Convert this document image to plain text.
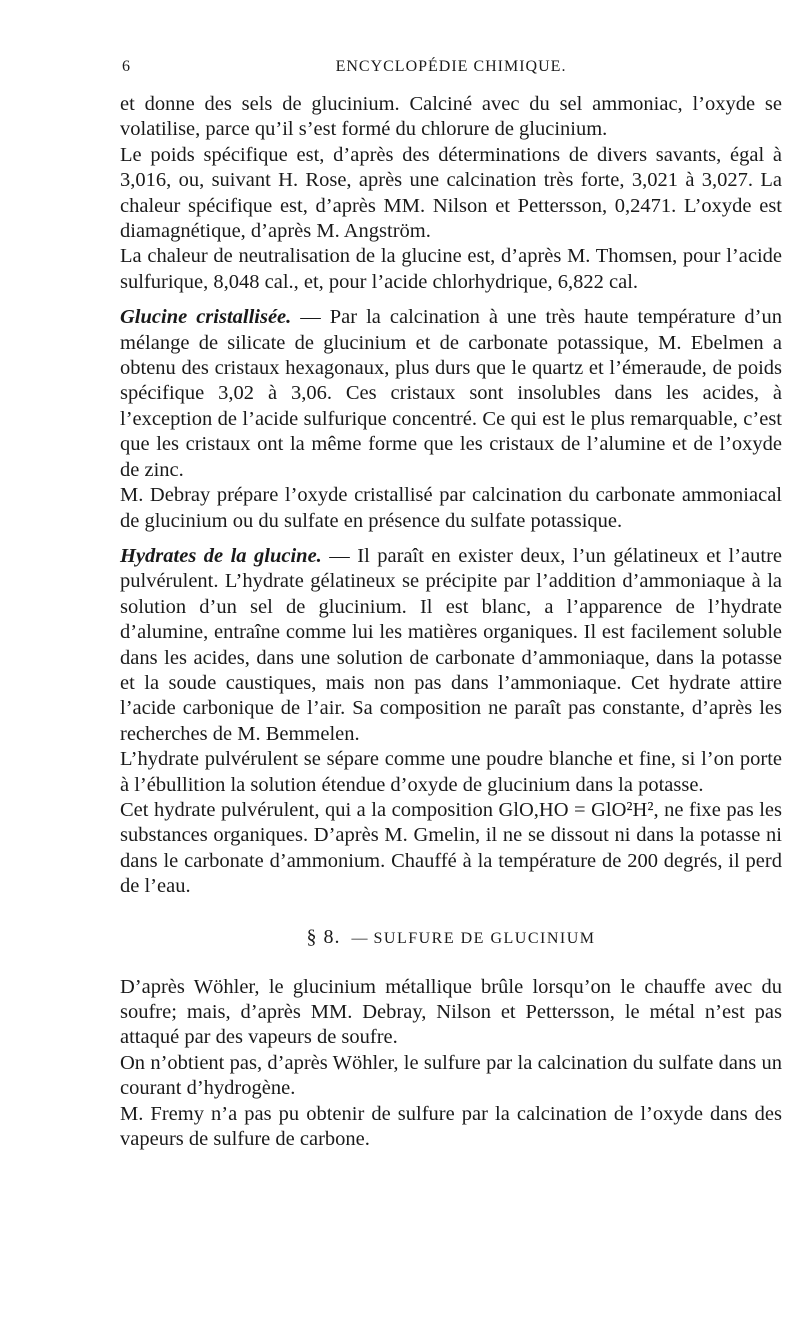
6	ENCYCLOPÉDIE CHIMIQUE.

et donne des sels de glucinium. Calciné avec du sel ammoniac, l’oxyde se volatilise, parce qu’il s’est formé du chlorure de glucinium.

Le poids spécifique est, d’après des déterminations de divers savants, égal à 3,016, ou, suivant H. Rose, après une calcination très forte, 3,021 à 3,027. La chaleur spécifique est, d’après MM. Nilson et Pettersson, 0,2471. L’oxyde est diamagnétique, d’après M. Angström.

La chaleur de neutralisation de la glucine est, d’après M. Thomsen, pour l’acide sulfurique, 8,048 cal., et, pour l’acide chlorhydrique, 6,822 cal.

Glucine cristallisée. — Par la calcination à une très haute température d’un mélange de silicate de glucinium et de carbonate potassique, M. Ebelmen a obtenu des cristaux hexagonaux, plus durs que le quartz et l’émeraude, de poids spécifique 3,02 à 3,06. Ces cristaux sont insolubles dans les acides, à l’exception de l’acide sulfurique concentré. Ce qui est le plus remarquable, c’est que les cristaux ont la même forme que les cristaux de l’alumine et de l’oxyde de zinc.

M. Debray prépare l’oxyde cristallisé par calcination du carbonate ammoniacal de glucinium ou du sulfate en présence du sulfate potassique.

Hydrates de la glucine. — Il paraît en exister deux, l’un gélatineux et l’autre pulvérulent. L’hydrate gélatineux se précipite par l’addition d’ammoniaque à la solution d’un sel de glucinium. Il est blanc, a l’apparence de l’hydrate d’alumine, entraîne comme lui les matières organiques. Il est facilement soluble dans les acides, dans une solution de carbonate d’ammoniaque, dans la potasse et la soude caustiques, mais non pas dans l’ammoniaque. Cet hydrate attire l’acide carbonique de l’air. Sa composition ne paraît pas constante, d’après les recherches de M. Bemmelen.

L’hydrate pulvérulent se sépare comme une poudre blanche et fine, si l’on porte à l’ébullition la solution étendue d’oxyde de glucinium dans la potasse.

Cet hydrate pulvérulent, qui a la composition GlO,HO = GlO²H², ne fixe pas les substances organiques. D’après M. Gmelin, il ne se dissout ni dans la potasse ni dans le carbonate d’ammonium. Chauffé à la température de 200 degrés, il perd de l’eau.

§ 8. — SULFURE DE GLUCINIUM

D’après Wöhler, le glucinium métallique brûle lorsqu’on le chauffe avec du soufre; mais, d’après MM. Debray, Nilson et Pettersson, le métal n’est pas attaqué par des vapeurs de soufre.

On n’obtient pas, d’après Wöhler, le sulfure par la calcination du sulfate dans un courant d’hydrogène.

M. Fremy n’a pas pu obtenir de sulfure par la calcination de l’oxyde dans des vapeurs de sulfure de carbone.
